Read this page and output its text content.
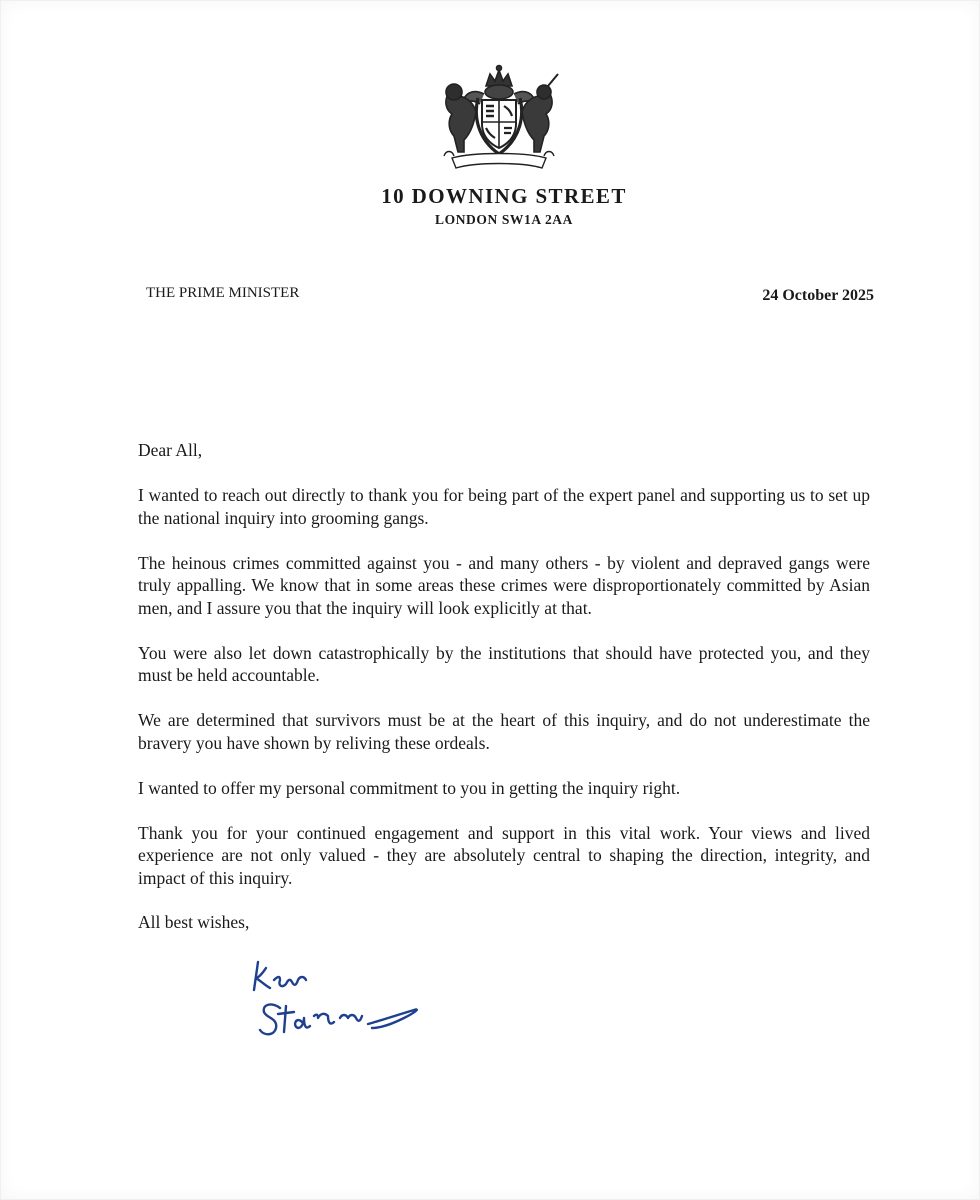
10 DOWNING STREET
LONDON SW1A 2AA
THE PRIME MINISTER	24 October 2025

Dear All,

I wanted to reach out directly to thank you for being part of the expert panel and supporting us to set up the national inquiry into grooming gangs.

The heinous crimes committed against you - and many others - by violent and depraved gangs were truly appalling. We know that in some areas these crimes were disproportionately committed by Asian men, and I assure you that the inquiry will look explicitly at that.

You were also let down catastrophically by the institutions that should have protected you, and they must be held accountable.

We are determined that survivors must be at the heart of this inquiry, and do not underestimate the bravery you have shown by reliving these ordeals.

I wanted to offer my personal commitment to you in getting the inquiry right.

Thank you for your continued engagement and support in this vital work. Your views and lived experience are not only valued - they are absolutely central to shaping the direction, integrity, and impact of this inquiry.

All best wishes,
